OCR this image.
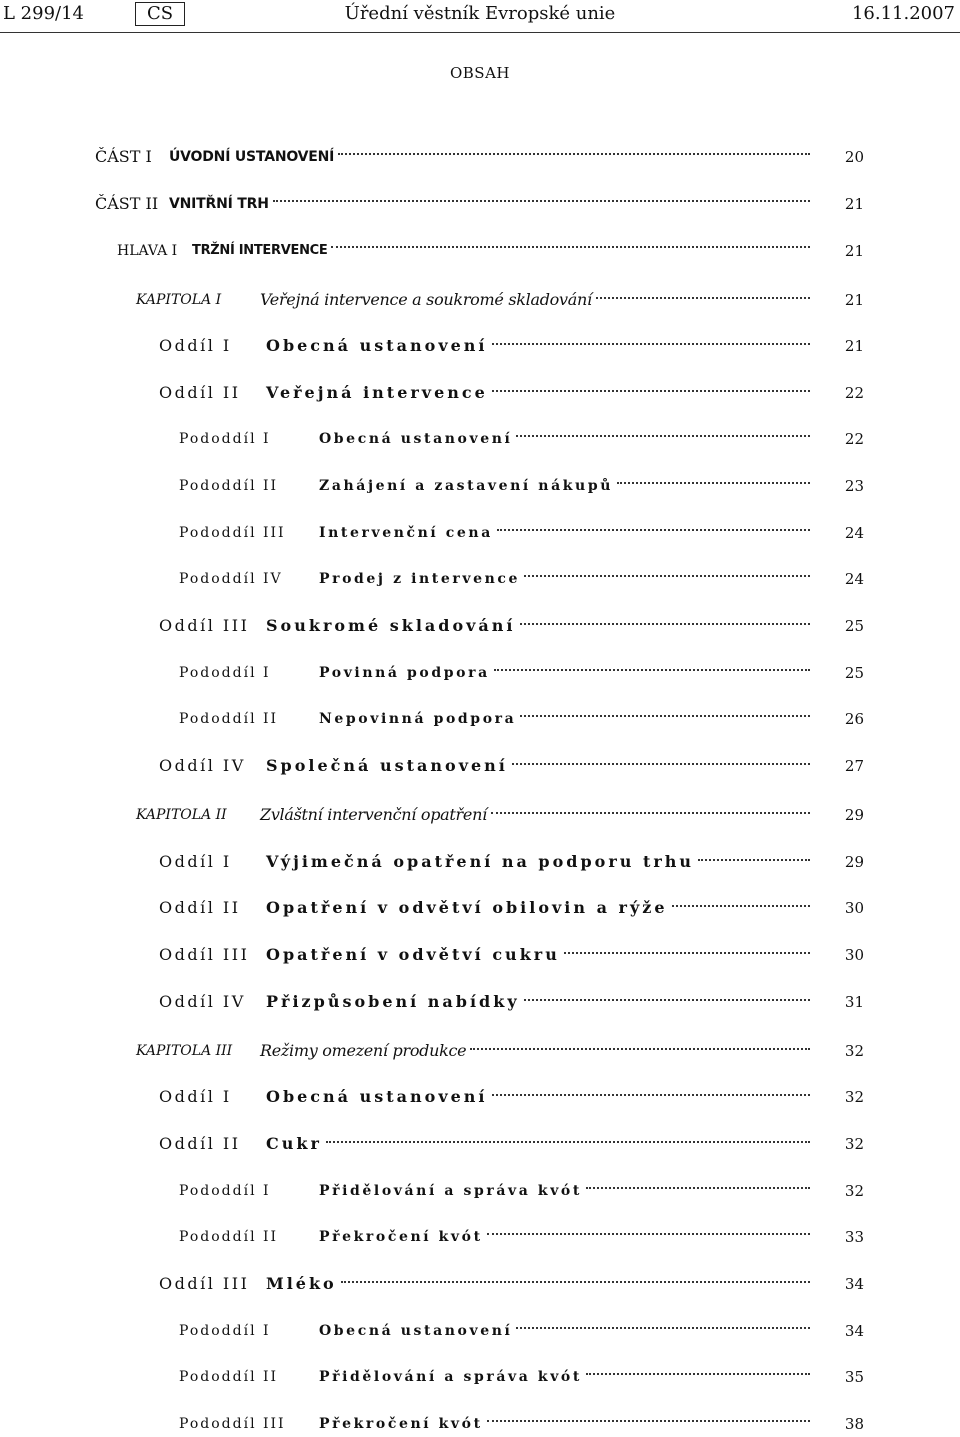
L 299/14	CS	Úřední věstník Evropské unie	16.11.2007
OBSAH
ČÁST I ÚVODNÍ USTANOVENÍ	20
ČÁST II VNITŘNÍ TRH	21
HLAVA I TRŽNÍ INTERVENCE	21
KAPITOLA I Veřejná intervence a soukromé skladování	21
Oddíl I Obecná ustanovení	21
Oddíl II Veřejná intervence	22
Pododdíl I	Obecná ustanovení	22
Pododdíl II	Zahájení a zastavení nákupů	23
Pododdíl III Intervenční cena	24
Pododdíl IV	Prodej z intervence	24
Oddíl III Soukromé skladování	25
Pododdíl I	Povinná podpora	25
Pododdíl II	Nepovinná podpora	26
Oddíl IV Společná ustanovení	27
KAPITOLA II Zvláštní intervenční opatření	29
Oddíl I Výjimečná opatření na podporu trhu	29
Oddíl II Opatření v odvětví obilovin a rýže	30
Oddíl III Opatření v odvětví cukru	30
Oddíl IV Přizpůsobení nabídky	31
KAPITOLA III Režimy omezení produkce	32
Oddíl I Obecná ustanovení	32
Oddíl II Cukr	32
Pododdíl I	Přidělování a správa kvót	32
Pododdíl II	Překročení kvót	33
Oddíl III Mléko	34
Pododdíl I	Obecná ustanovení	34
Pododdíl II	Přidělování a správa kvót	35
Pododdíl III Překročení kvót	38
